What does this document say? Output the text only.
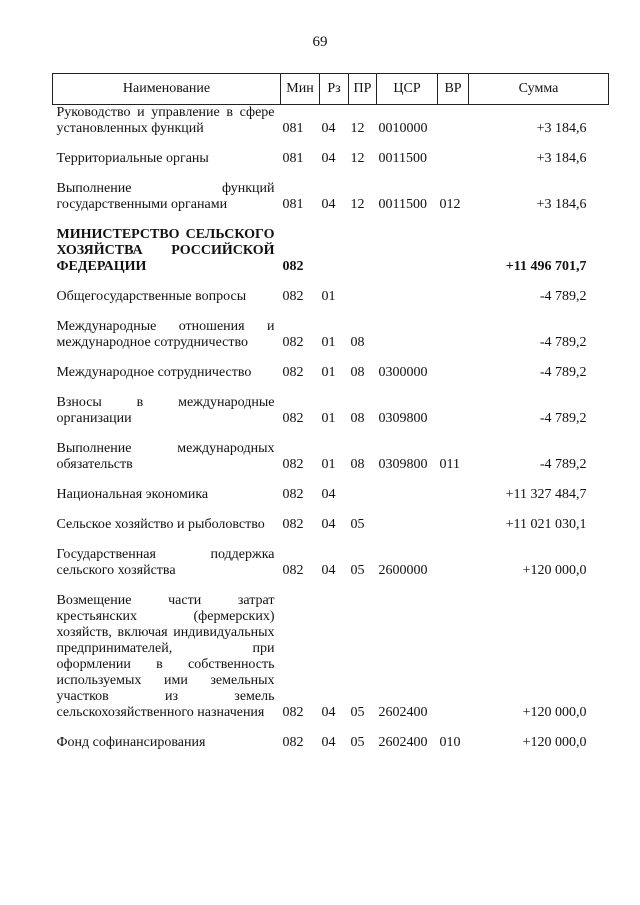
69
Наименование	Мин	Рз	ПР	ЦСР	ВР	Сумма
Руководство и управление в сфере установленных функций	081	04	12	0010000		+3 184,6
Территориальные органы	081	04	12	0011500		+3 184,6
Выполнение функций государственными органами	081	04	12	0011500	012	+3 184,6
МИНИСТЕРСТВО СЕЛЬСКОГО ХОЗЯЙСТВА РОССИЙСКОЙ ФЕДЕРАЦИИ	082					+11 496 701,7
Общегосударственные вопросы	082	01				-4 789,2
Международные отношения и международное сотрудничество	082	01	08			-4 789,2
Международное сотрудничество	082	01	08	0300000		-4 789,2
Взносы в международные организации	082	01	08	0309800		-4 789,2
Выполнение международных обязательств	082	01	08	0309800	011	-4 789,2
Национальная экономика	082	04				+11 327 484,7
Сельское хозяйство и рыболовство	082	04	05			+11 021 030,1
Государственная поддержка сельского хозяйства	082	04	05	2600000		+120 000,0
Возмещение части затрат крестьянских (фермерских) хозяйств, включая индивидуальных предпринимателей, при оформлении в собственность используемых ими земельных участков из земель сельскохозяйственного назначения	082	04	05	2602400		+120 000,0
Фонд софинансирования	082	04	05	2602400	010	+120 000,0
